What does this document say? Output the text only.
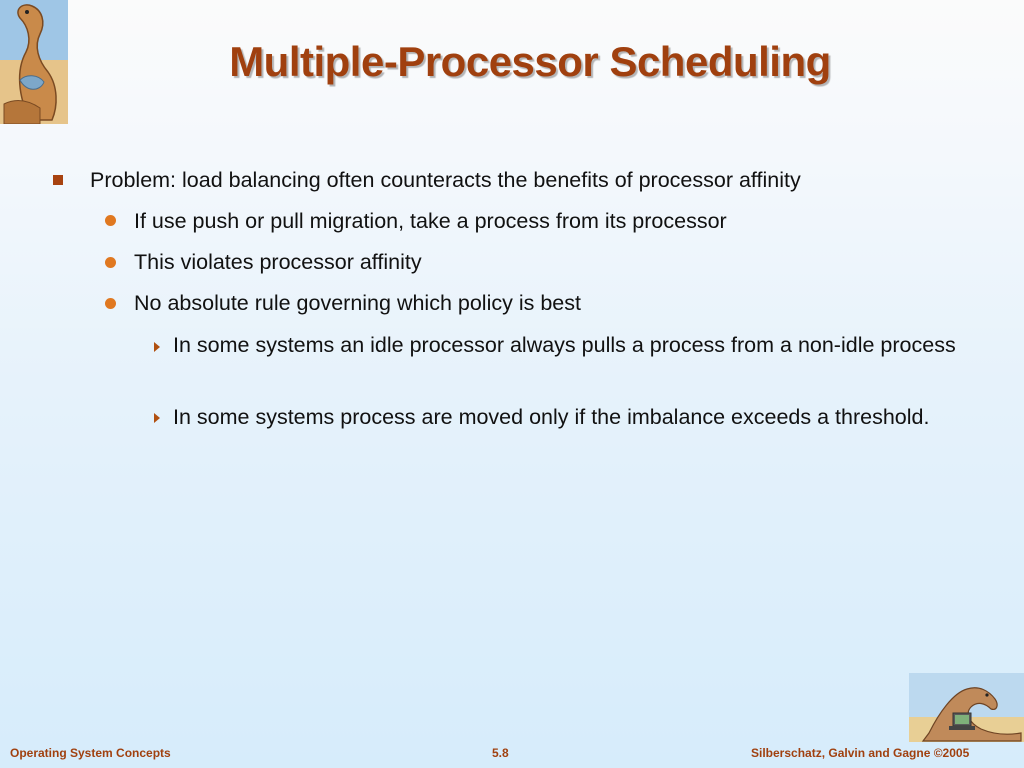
Multiple-Processor Scheduling
Problem: load balancing often counteracts the benefits of processor affinity
If use push or pull migration, take a process from its processor
This violates processor affinity
No absolute rule governing which policy is best
In some systems an idle processor always pulls a process from a non-idle process
In some systems process are moved only if the imbalance exceeds a threshold.
Operating System Concepts	5.8	Silberschatz, Galvin and Gagne ©2005
